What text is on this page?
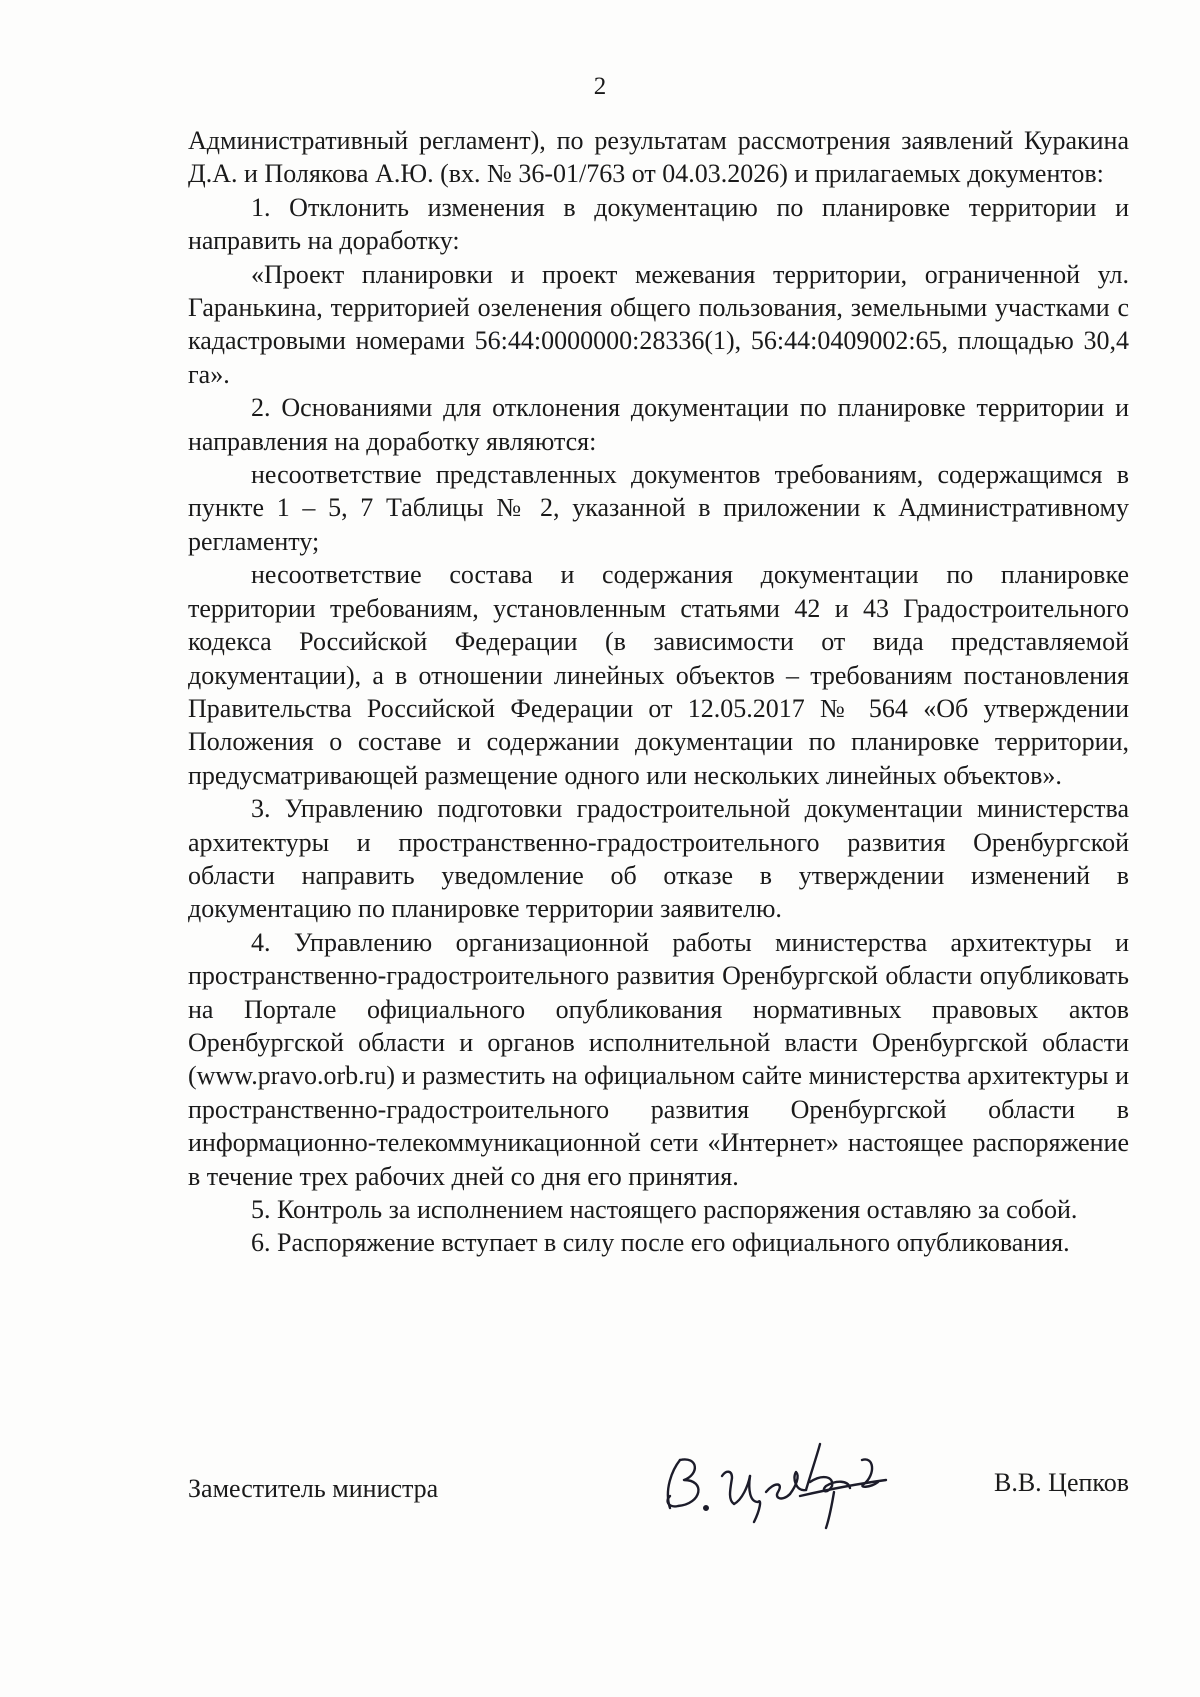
2

Административный регламент), по результатам рассмотрения заявлений Куракина Д.А. и Полякова А.Ю. (вх. № 36-01/763 от 04.03.2026) и прилагаемых документов:

1. Отклонить изменения в документацию по планировке территории и направить на доработку:

«Проект планировки и проект межевания территории, ограниченной ул. Гаранькина, территорией озеленения общего пользования, земельными участками с кадастровыми номерами 56:44:0000000:28336(1), 56:44:0409002:65, площадью 30,4 га».

2. Основаниями для отклонения документации по планировке территории и направления на доработку являются:

несоответствие представленных документов требованиям, содержащимся в пункте 1 – 5, 7 Таблицы № 2, указанной в приложении к Административному регламенту;

несоответствие состава и содержания документации по планировке территории требованиям, установленным статьями 42 и 43 Градостроительного кодекса Российской Федерации (в зависимости от вида представляемой документации), а в отношении линейных объектов – требованиям постановления Правительства Российской Федерации от 12.05.2017 № 564 «Об утверждении Положения о составе и содержании документации по планировке территории, предусматривающей размещение одного или нескольких линейных объектов».

3. Управлению подготовки градостроительной документации министерства архитектуры и пространственно-градостроительного развития Оренбургской области направить уведомление об отказе в утверждении изменений в документацию по планировке территории заявителю.

4. Управлению организационной работы министерства архитектуры и пространственно-градостроительного развития Оренбургской области опубликовать на Портале официального опубликования нормативных правовых актов Оренбургской области и органов исполнительной власти Оренбургской области (www.pravo.orb.ru) и разместить на официальном сайте министерства архитектуры и пространственно-градостроительного развития Оренбургской области в информационно-телекоммуникационной сети «Интернет» настоящее распоряжение в течение трех рабочих дней со дня его принятия.

5. Контроль за исполнением настоящего распоряжения оставляю за собой.

6. Распоряжение вступает в силу после его официального опубликования.

Заместитель министра	В.В. Цепков
